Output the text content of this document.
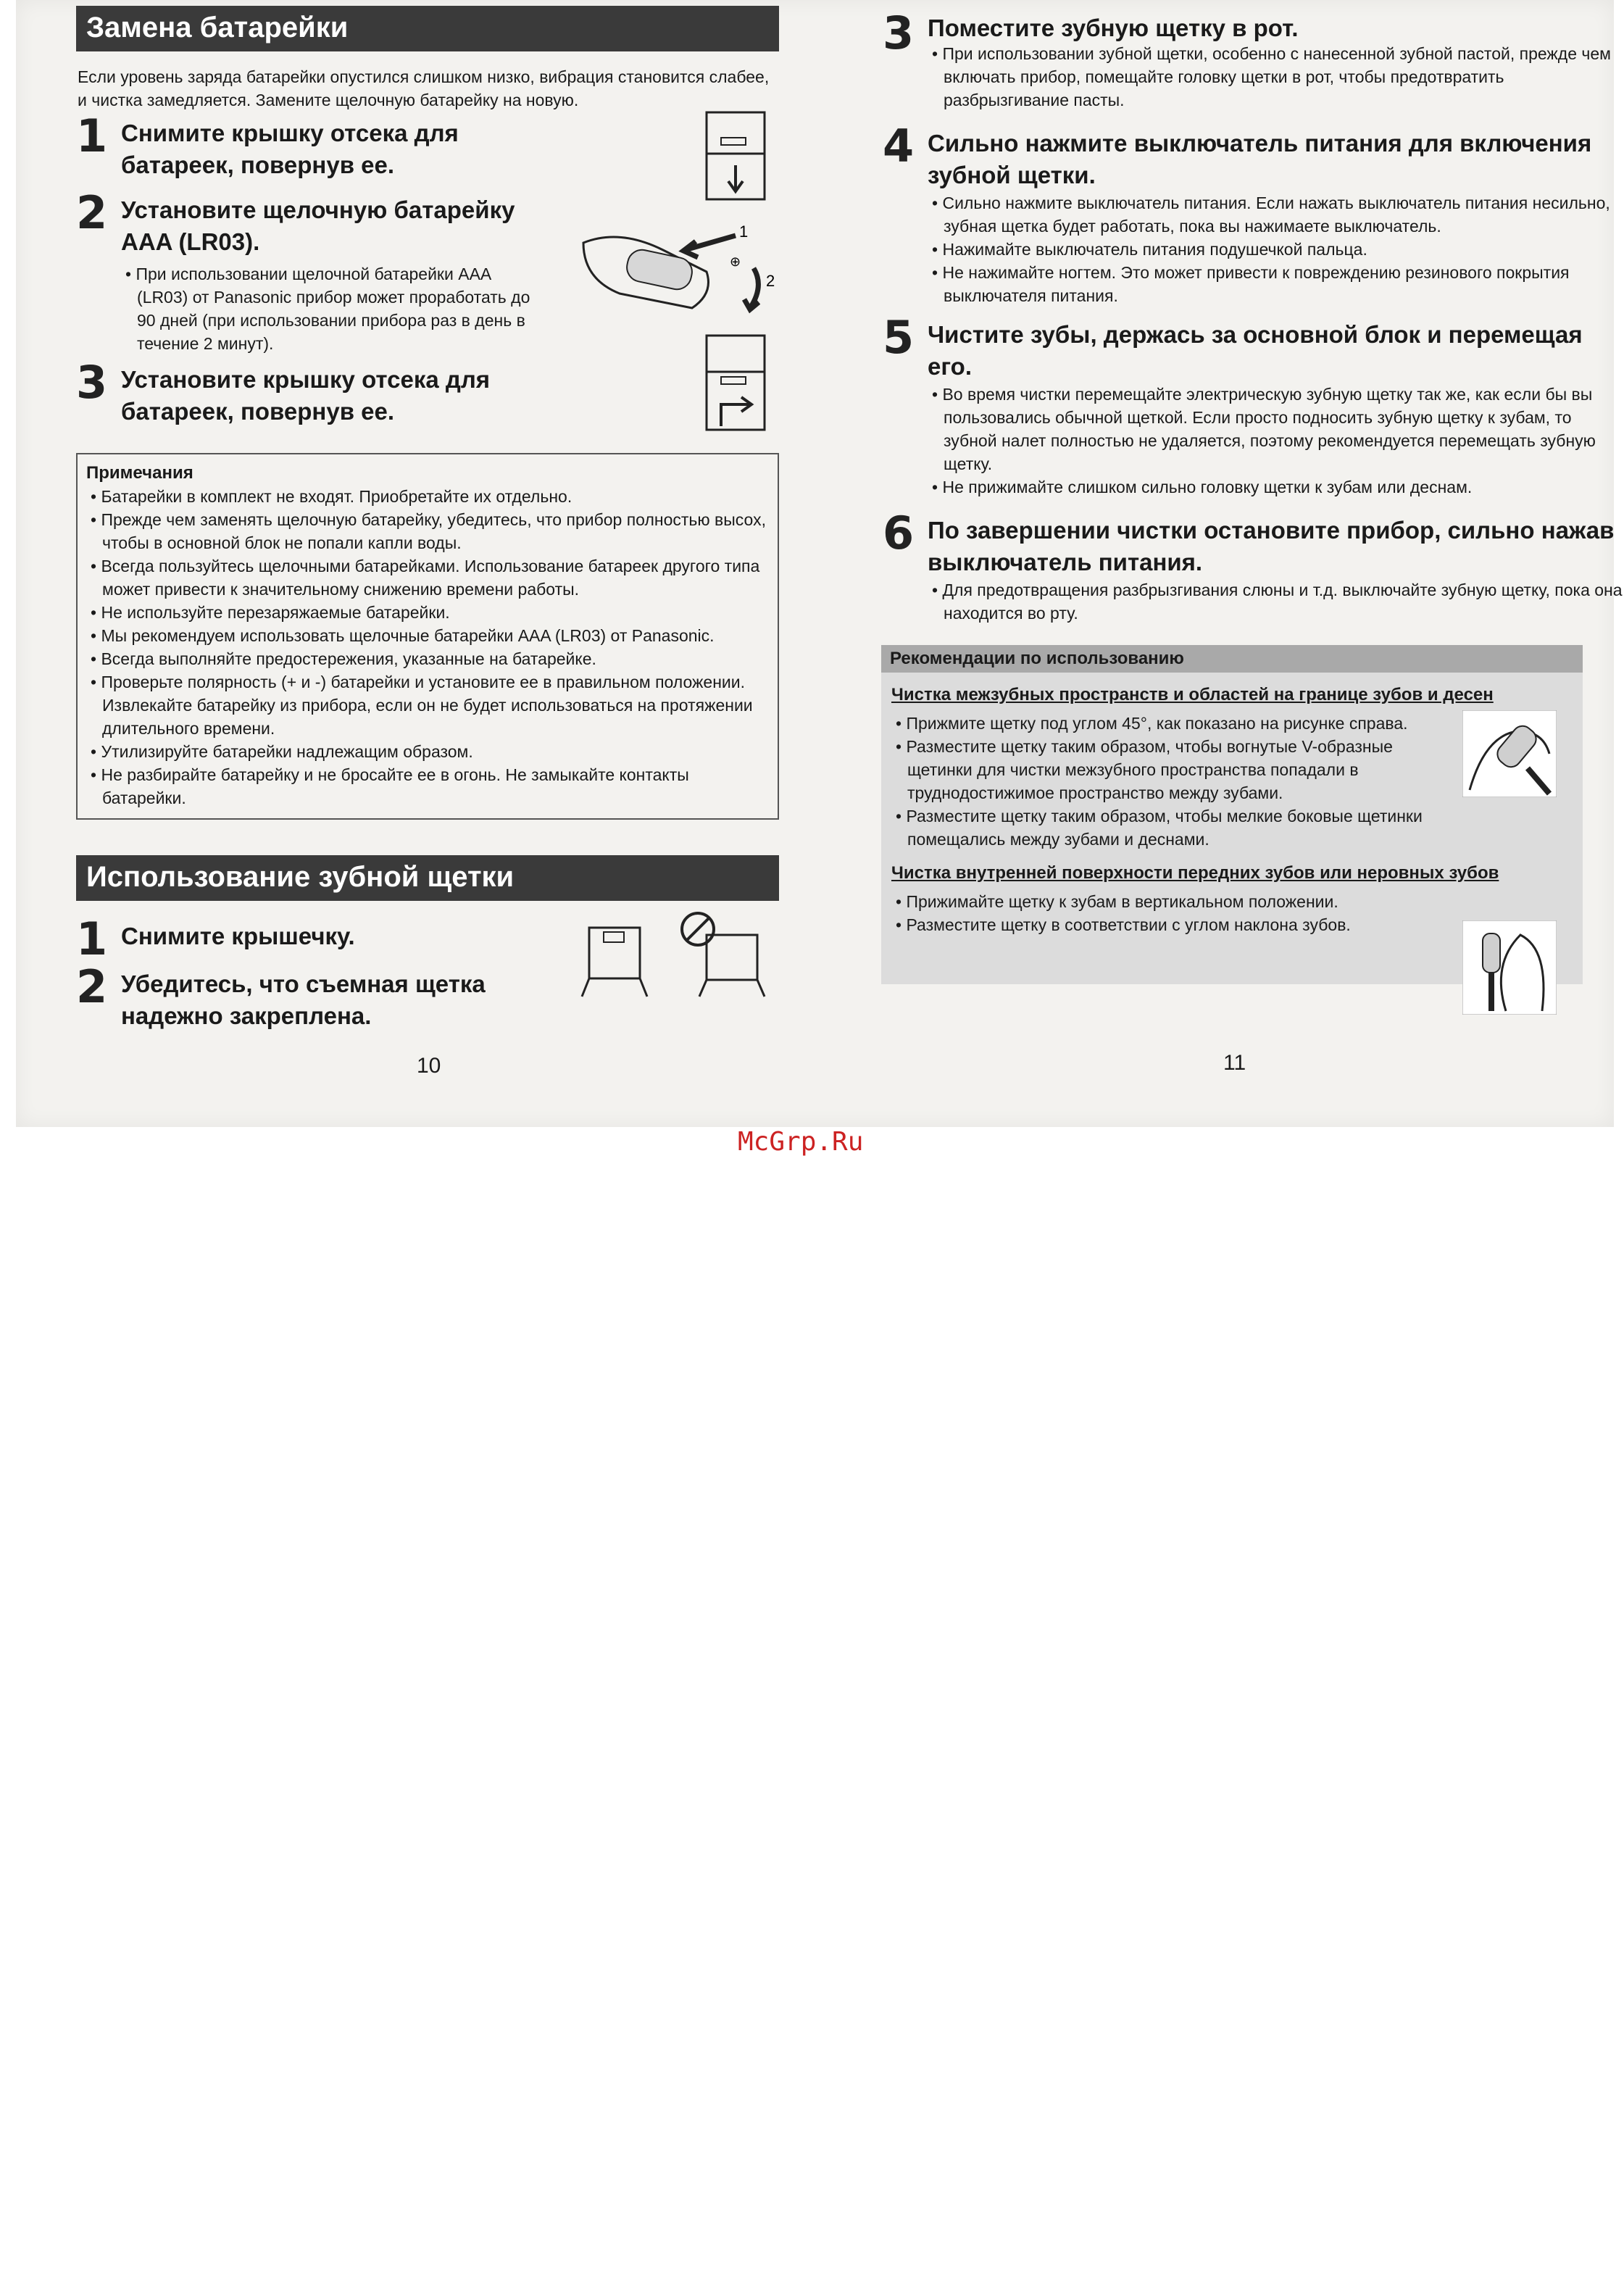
Замена батарейки
Если уровень заряда батарейки опустился слишком низко, вибрация становится слабее, и чистка замедляется. Замените щелочную батарейку на новую.
1 Снимите крышку отсека для батареек, повернув ее.
2 Установите щелочную батарейку AAA (LR03).

• При использовании щелочной батарейки AAA (LR03) от Panasonic прибор может проработать до 90 дней (при использовании прибора раз в день в течение 2 минут).

3 Установите крышку отсека для батареек, повернув ее.
1
⊕
2
Примечания

• Батарейки в комплект не входят. Приобретайте их отдельно.

• Прежде чем заменять щелочную батарейку, убедитесь, что прибор полностью высох, чтобы в основной блок не попали капли воды.

• Всегда пользуйтесь щелочными батарейками. Использование батареек другого типа может привести к значительному снижению времени работы.

• Не используйте перезаряжаемые батарейки.

• Мы рекомендуем использовать щелочные батарейки AAA (LR03) от Panasonic.

• Всегда выполняйте предостережения, указанные на батарейке.

• Проверьте полярность (+ и -) батарейки и установите ее в правильном положении. Извлекайте батарейку из прибора, если он не будет использоваться на протяжении длительного времени.

• Утилизируйте батарейки надлежащим образом.

• Не разбирайте батарейку и не бросайте ее в огонь. Не замыкайте контакты батарейки.

Использование зубной щетки
1 Снимите крышечку.
2 Убедитесь, что съемная щетка надежно закреплена.
10
3 Поместите зубную щетку в рот.

• При использовании зубной щетки, особенно с нанесенной зубной пастой, прежде чем включать прибор, помещайте головку щетки в рот, чтобы предотвратить разбрызгивание пасты.

4 Сильно нажмите выключатель питания для включения зубной щетки.

• Сильно нажмите выключатель питания. Если нажать выключатель питания несильно, зубная щетка будет работать, пока вы нажимаете выключатель.

• Нажимайте выключатель питания подушечкой пальца.

• Не нажимайте ногтем. Это может привести к повреждению резинового покрытия выключателя питания.

5 Чистите зубы, держась за основной блок и перемещая его.

• Во время чистки перемещайте электрическую зубную щетку так же, как если бы вы пользовались обычной щеткой. Если просто подносить зубную щетку к зубам, то зубной налет полностью не удаляется, поэтому рекомендуется перемещать зубную щетку.

• Не прижимайте слишком сильно головку щетки к зубам или деснам.

6 По завершении чистки остановите прибор, сильно нажав выключатель питания.

• Для предотвращения разбрызгивания слюны и т.д. выключайте зубную щетку, пока она находится во рту.

Рекомендации по использованию
Чистка межзубных пространств и областей на границе зубов и десен

• Прижмите щетку под углом 45°, как показано на рисунке справа.

• Разместите щетку таким образом, чтобы вогнутые V-образные щетинки для чистки межзубного пространства попадали в труднодостижимое пространство между зубами.

• Разместите щетку таким образом, чтобы мелкие боковые щетинки помещались между зубами и деснами.

Чистка внутренней поверхности передних зубов или неровных зубов

• Прижимайте щетку к зубам в вертикальном положении.

• Разместите щетку в соответствии с углом наклона зубов.

11
McGrp.Ru
